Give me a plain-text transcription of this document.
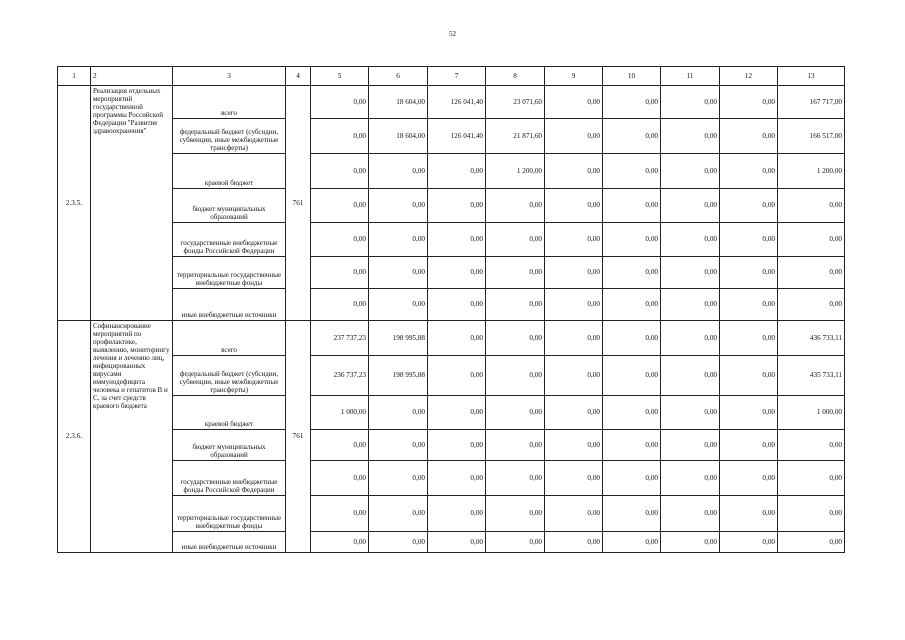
52
1	2	3	4	5	6	7	8	9	10	11	12	13
2.3.5.	Реализация отдельных мероприятий государственной программы Российской Федерации "Развитие здравоохранения"	всего	761	0,00	18 604,00	126 041,40	23 071,60	0,00	0,00	0,00	0,00	167 717,00
		федеральный бюджет (субсидии, субвенции, иные межбюджетные трансферты)		0,00	18 604,00	126 041,40	21 871,60	0,00	0,00	0,00	0,00	166 517,00
		краевой бюджет		0,00	0,00	0,00	1 200,00	0,00	0,00	0,00	0,00	1 200,00
		бюджет муниципальных образований		0,00	0,00	0,00	0,00	0,00	0,00	0,00	0,00	0,00
		государственные внебюджетные фонды Российской Федерации		0,00	0,00	0,00	0,00	0,00	0,00	0,00	0,00	0,00
		территориальные государственные внебюджетные фонды		0,00	0,00	0,00	0,00	0,00	0,00	0,00	0,00	0,00
		иные внебюджетные источники		0,00	0,00	0,00	0,00	0,00	0,00	0,00	0,00	0,00
2.3.6.	Софинансирование мероприятий по профилактике, выявлению, мониторингу лечения и лечению лиц, инфицированных вирусами иммунодефицита человека и гепатитов В и С, за счет средств краевого бюджета	всего	761	237 737,23	198 995,88	0,00	0,00	0,00	0,00	0,00	0,00	436 733,11
		федеральный бюджет (субсидии, субвенции, иные межбюджетные трансферты)		236 737,23	198 995,88	0,00	0,00	0,00	0,00	0,00	0,00	435 733,11
		краевой бюджет		1 000,00	0,00	0,00	0,00	0,00	0,00	0,00	0,00	1 000,00
		бюджет муниципальных образований		0,00	0,00	0,00	0,00	0,00	0,00	0,00	0,00	0,00
		государственные внебюджетные фонды Российской Федерации		0,00	0,00	0,00	0,00	0,00	0,00	0,00	0,00	0,00
		территориальные государственные внебюджетные фонды		0,00	0,00	0,00	0,00	0,00	0,00	0,00	0,00	0,00
		иные внебюджетные источники		0,00	0,00	0,00	0,00	0,00	0,00	0,00	0,00	0,00
